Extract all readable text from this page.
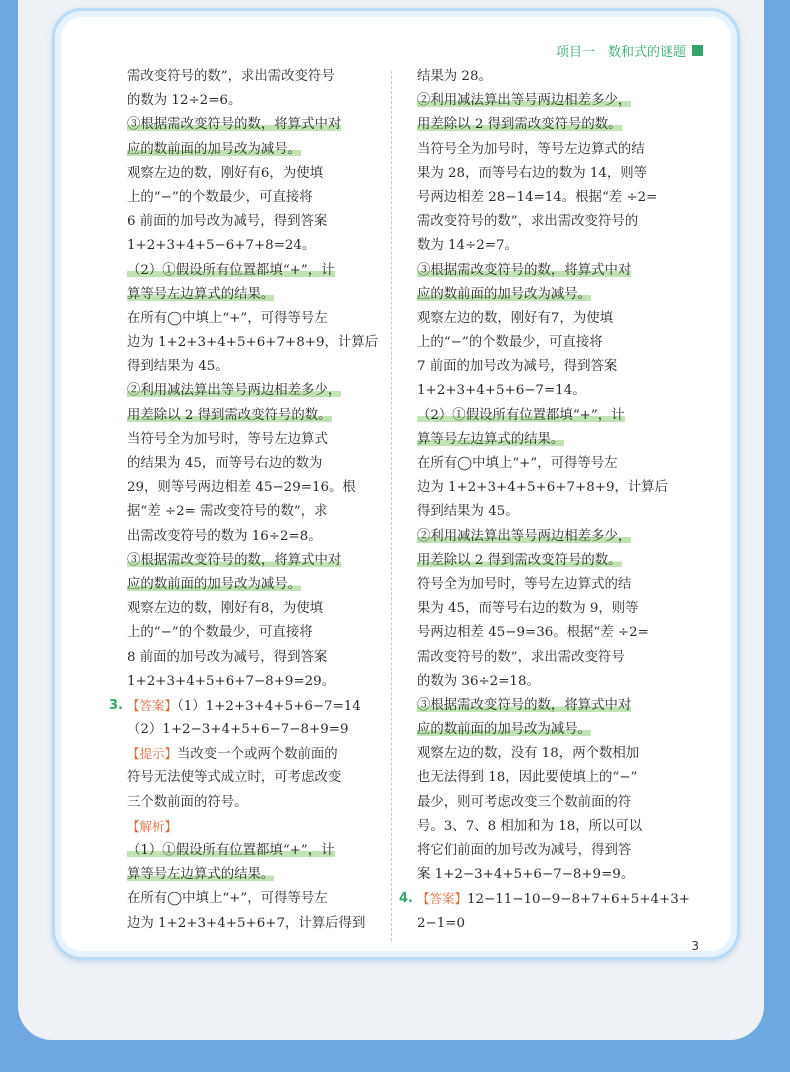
项目一　数和式的谜题
需改变符号的数”，求出需改变符号
的数为 12÷2=6。
③根据需改变符号的数，将算式中对
应的数前面的加号改为减号。
观察左边的数，刚好有6，为使填
上的“−”的个数最少，可直接将
6 前面的加号改为减号，得到答案
1+2+3+4+5−6+7+8=24。
（2）①假设所有位置都填“+”，计
算等号左边算式的结果。
在所有◯中填上“+”，可得等号左
边为 1+2+3+4+5+6+7+8+9，计算后
得到结果为 45。
②利用减法算出等号两边相差多少，
用差除以 2 得到需改变符号的数。
当符号全为加号时，等号左边算式
的结果为 45，而等号右边的数为
29，则等号两边相差 45−29=16。根
据“差 ÷2= 需改变符号的数”，求
出需改变符号的数为 16÷2=8。
③根据需改变符号的数，将算式中对
应的数前面的加号改为减号。
观察左边的数，刚好有8，为使填
上的“−”的个数最少，可直接将
8 前面的加号改为减号，得到答案
1+2+3+4+5+6+7−8+9=29。
3. 【答案】（1）1+2+3+4+5+6−7=14
（2）1+2−3+4+5+6−7−8+9=9
【提示】当改变一个或两个数前面的
符号无法使等式成立时，可考虑改变
三个数前面的符号。
【解析】
（1）①假设所有位置都填“+”，计
算等号左边算式的结果。
在所有◯中填上“+”，可得等号左
边为 1+2+3+4+5+6+7，计算后得到
结果为 28。
②利用减法算出等号两边相差多少，
用差除以 2 得到需改变符号的数。
当符号全为加号时，等号左边算式的结
果为 28，而等号右边的数为 14，则等
号两边相差 28−14=14。根据“差 ÷2=
需改变符号的数”，求出需改变符号的
数为 14÷2=7。
③根据需改变符号的数，将算式中对
应的数前面的加号改为减号。
观察左边的数，刚好有7，为使填
上的“−”的个数最少，可直接将
7 前面的加号改为减号，得到答案
1+2+3+4+5+6−7=14。
（2）①假设所有位置都填“+”，计
算等号左边算式的结果。
在所有◯中填上“+”，可得等号左
边为 1+2+3+4+5+6+7+8+9，计算后
得到结果为 45。
②利用减法算出等号两边相差多少，
用差除以 2 得到需改变符号的数。
符号全为加号时，等号左边算式的结
果为 45，而等号右边的数为 9，则等
号两边相差 45−9=36。根据“差 ÷2=
需改变符号的数”，求出需改变符号
的数为 36÷2=18。
③根据需改变符号的数，将算式中对
应的数前面的加号改为减号。
观察左边的数，没有 18，两个数相加
也无法得到 18，因此要使填上的“−”
最少，则可考虑改变三个数前面的符
号。3、7、8 相加和为 18，所以可以
将它们前面的加号改为减号，得到答
案 1+2−3+4+5+6−7−8+9=9。
4. 【答案】12−11−10−9−8+7+6+5+4+3+
2−1=0
3
